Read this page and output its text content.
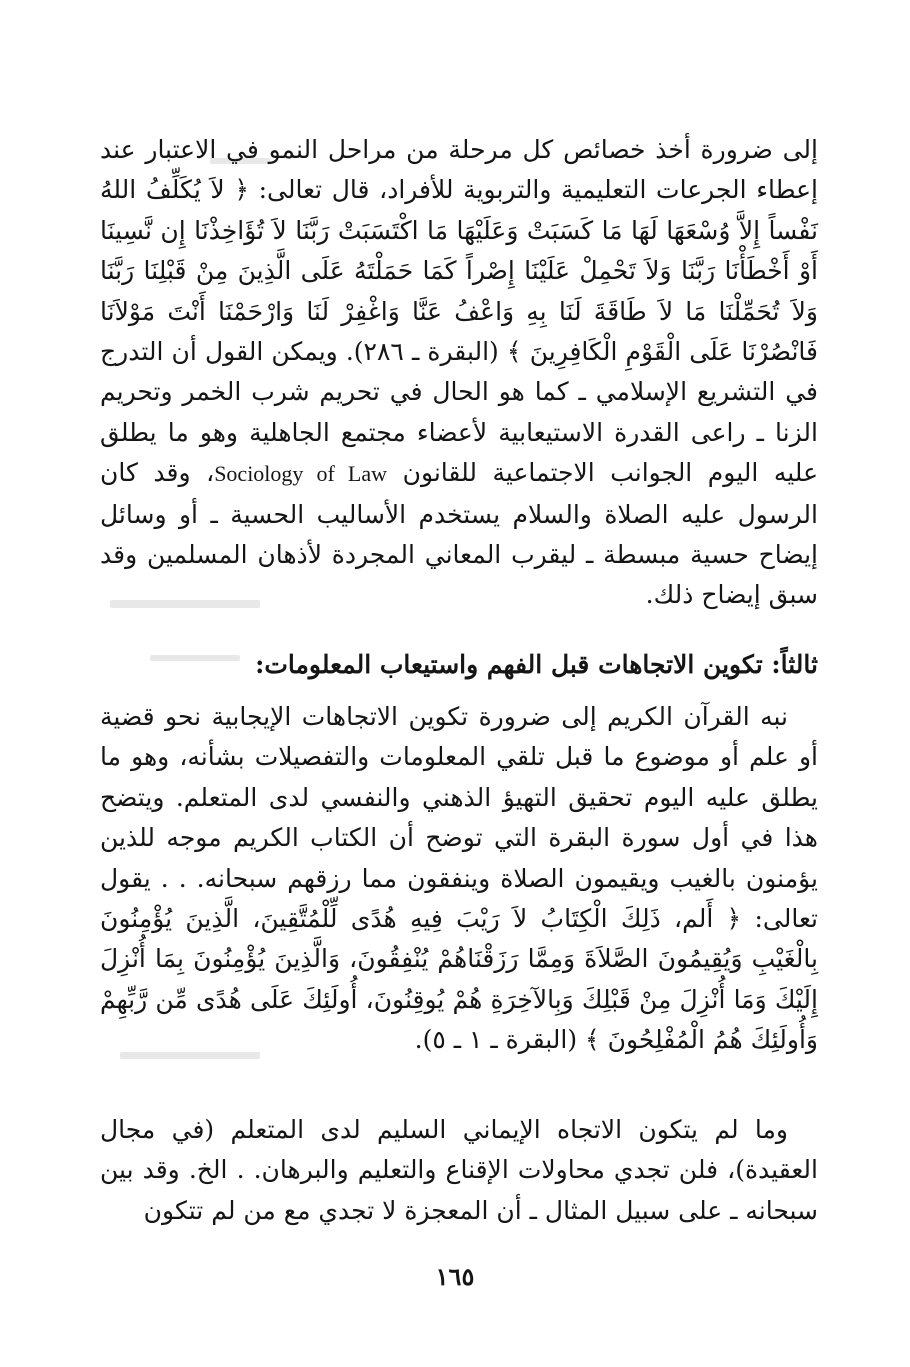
إلى ضرورة أخذ خصائص كل مرحلة من مراحل النمو في الاعتبار عند إعطاء الجرعات التعليمية والتربوية للأفراد، قال تعالى: ﴿ لاَ يُكَلِّفُ اللهُ نَفْساً إِلاَّ وُسْعَهَا لَهَا مَا كَسَبَتْ وَعَلَيْهَا مَا اكْتَسَبَتْ رَبَّنَا لاَ تُؤَاخِذْنَا إِن نَّسِينَا أَوْ أَخْطَأْنَا رَبَّنَا وَلاَ تَحْمِلْ عَلَيْنَا إِصْراً كَمَا حَمَلْتَهُ عَلَى الَّذِينَ مِنْ قَبْلِنَا رَبَّنَا وَلاَ تُحَمِّلْنَا مَا لاَ طَاقَةَ لَنَا بِهِ وَاعْفُ عَنَّا وَاغْفِرْ لَنَا وَارْحَمْنَا أَنْتَ مَوْلاَنَا فَانْصُرْنَا عَلَى الْقَوْمِ الْكَافِرِينَ ﴾ (البقرة ـ ٢٨٦). ويمكن القول أن التدرج في التشريع الإسلامي ـ كما هو الحال في تحريم شرب الخمر وتحريم الزنا ـ راعى القدرة الاستيعابية لأعضاء مجتمع الجاهلية وهو ما يطلق عليه اليوم الجوانب الاجتماعية للقانون Sociology of Law، وقد كان الرسول عليه الصلاة والسلام يستخدم الأساليب الحسية ـ أو وسائل إيضاح حسية مبسطة ـ ليقرب المعاني المجردة لأذهان المسلمين وقد سبق إيضاح ذلك.

ثالثاً: تكوين الاتجاهات قبل الفهم واستيعاب المعلومات:

نبه القرآن الكريم إلى ضرورة تكوين الاتجاهات الإيجابية نحو قضية أو علم أو موضوع ما قبل تلقي المعلومات والتفصيلات بشأنه، وهو ما يطلق عليه اليوم تحقيق التهيؤ الذهني والنفسي لدى المتعلم. ويتضح هذا في أول سورة البقرة التي توضح أن الكتاب الكريم موجه للذين يؤمنون بالغيب ويقيمون الصلاة وينفقون مما رزقهم سبحانه. . . يقول تعالى: ﴿ أَلم، ذَلِكَ الْكِتَابُ لاَ رَيْبَ فِيهِ هُدًى لِّلْمُتَّقِينَ، الَّذِينَ يُؤْمِنُونَ بِالْغَيْبِ وَيُقِيمُونَ الصَّلاَةَ وَمِمَّا رَزَقْنَاهُمْ يُنْفِقُونَ، وَالَّذِينَ يُؤْمِنُونَ بِمَا أُنْزِلَ إِلَيْكَ وَمَا أُنْزِلَ مِنْ قَبْلِكَ وَبِالآخِرَةِ هُمْ يُوقِنُونَ، أُولَئِكَ عَلَى هُدًى مِّن رَّبِّهِمْ وَأُولَئِكَ هُمُ الْمُفْلِحُونَ ﴾ (البقرة ـ ١ ـ ٥).

وما لم يتكون الاتجاه الإيماني السليم لدى المتعلم (في مجال العقيدة)، فلن تجدي محاولات الإقناع والتعليم والبرهان. . الخ. وقد بين سبحانه ـ على سبيل المثال ـ أن المعجزة لا تجدي مع من لم تتكون

١٦٥
